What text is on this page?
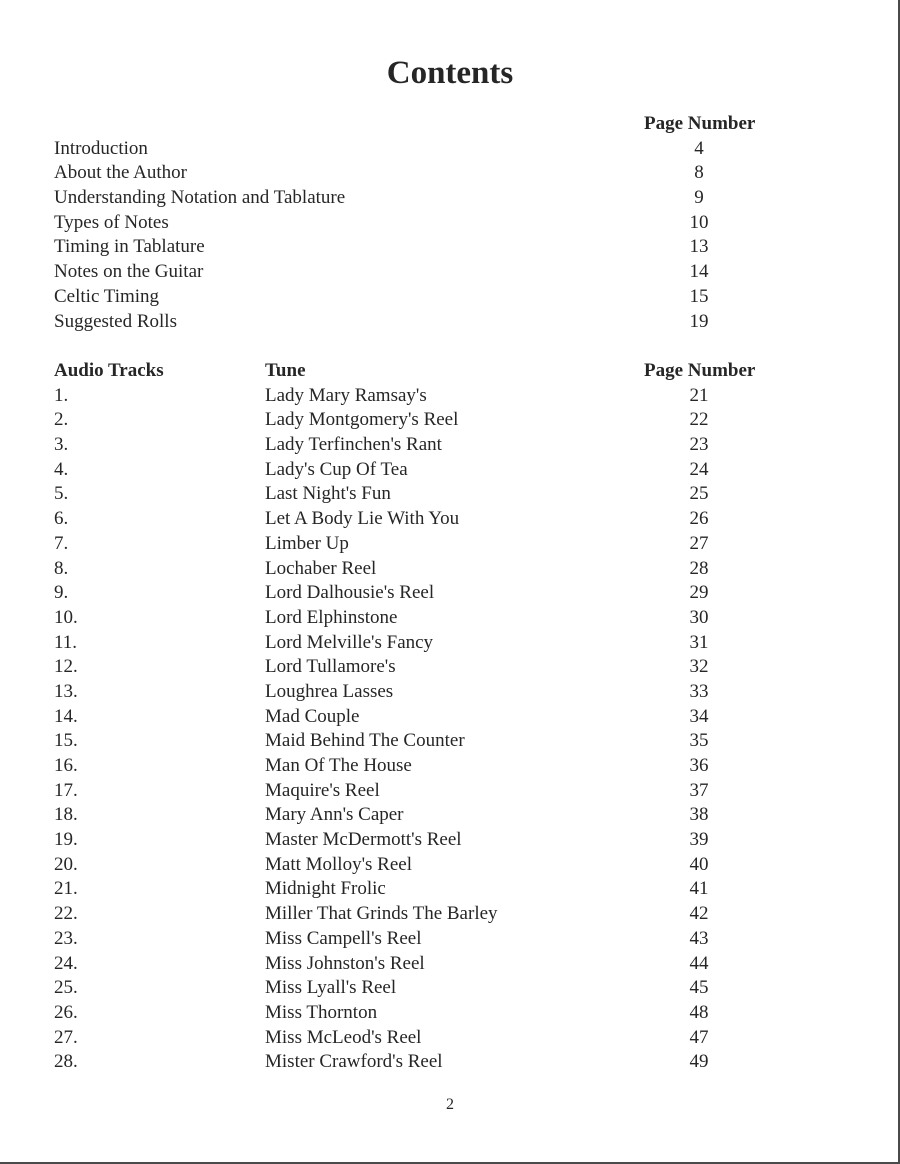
Contents
Page Number
Introduction	4
About the Author	8
Understanding Notation and Tablature	9
Types of Notes	10
Timing in Tablature	13
Notes on the Guitar	14
Celtic Timing	15
Suggested Rolls	19
Audio Tracks	Tune	Page Number
1.	Lady Mary Ramsay's	21
2.	Lady Montgomery's Reel	22
3.	Lady Terfinchen's Rant	23
4.	Lady's Cup Of Tea	24
5.	Last Night's Fun	25
6.	Let A Body Lie With You	26
7.	Limber Up	27
8.	Lochaber Reel	28
9.	Lord Dalhousie's Reel	29
10.	Lord Elphinstone	30
11.	Lord Melville's Fancy	31
12.	Lord Tullamore's	32
13.	Loughrea Lasses	33
14.	Mad Couple	34
15.	Maid Behind The Counter	35
16.	Man Of The House	36
17.	Maquire's Reel	37
18.	Mary Ann's Caper	38
19.	Master McDermott's Reel	39
20.	Matt Molloy's Reel	40
21.	Midnight Frolic	41
22.	Miller That Grinds The Barley	42
23.	Miss Campell's Reel	43
24.	Miss Johnston's Reel	44
25.	Miss Lyall's Reel	45
26.	Miss Thornton	48
27.	Miss McLeod's Reel	47
28.	Mister Crawford's Reel	49
2
